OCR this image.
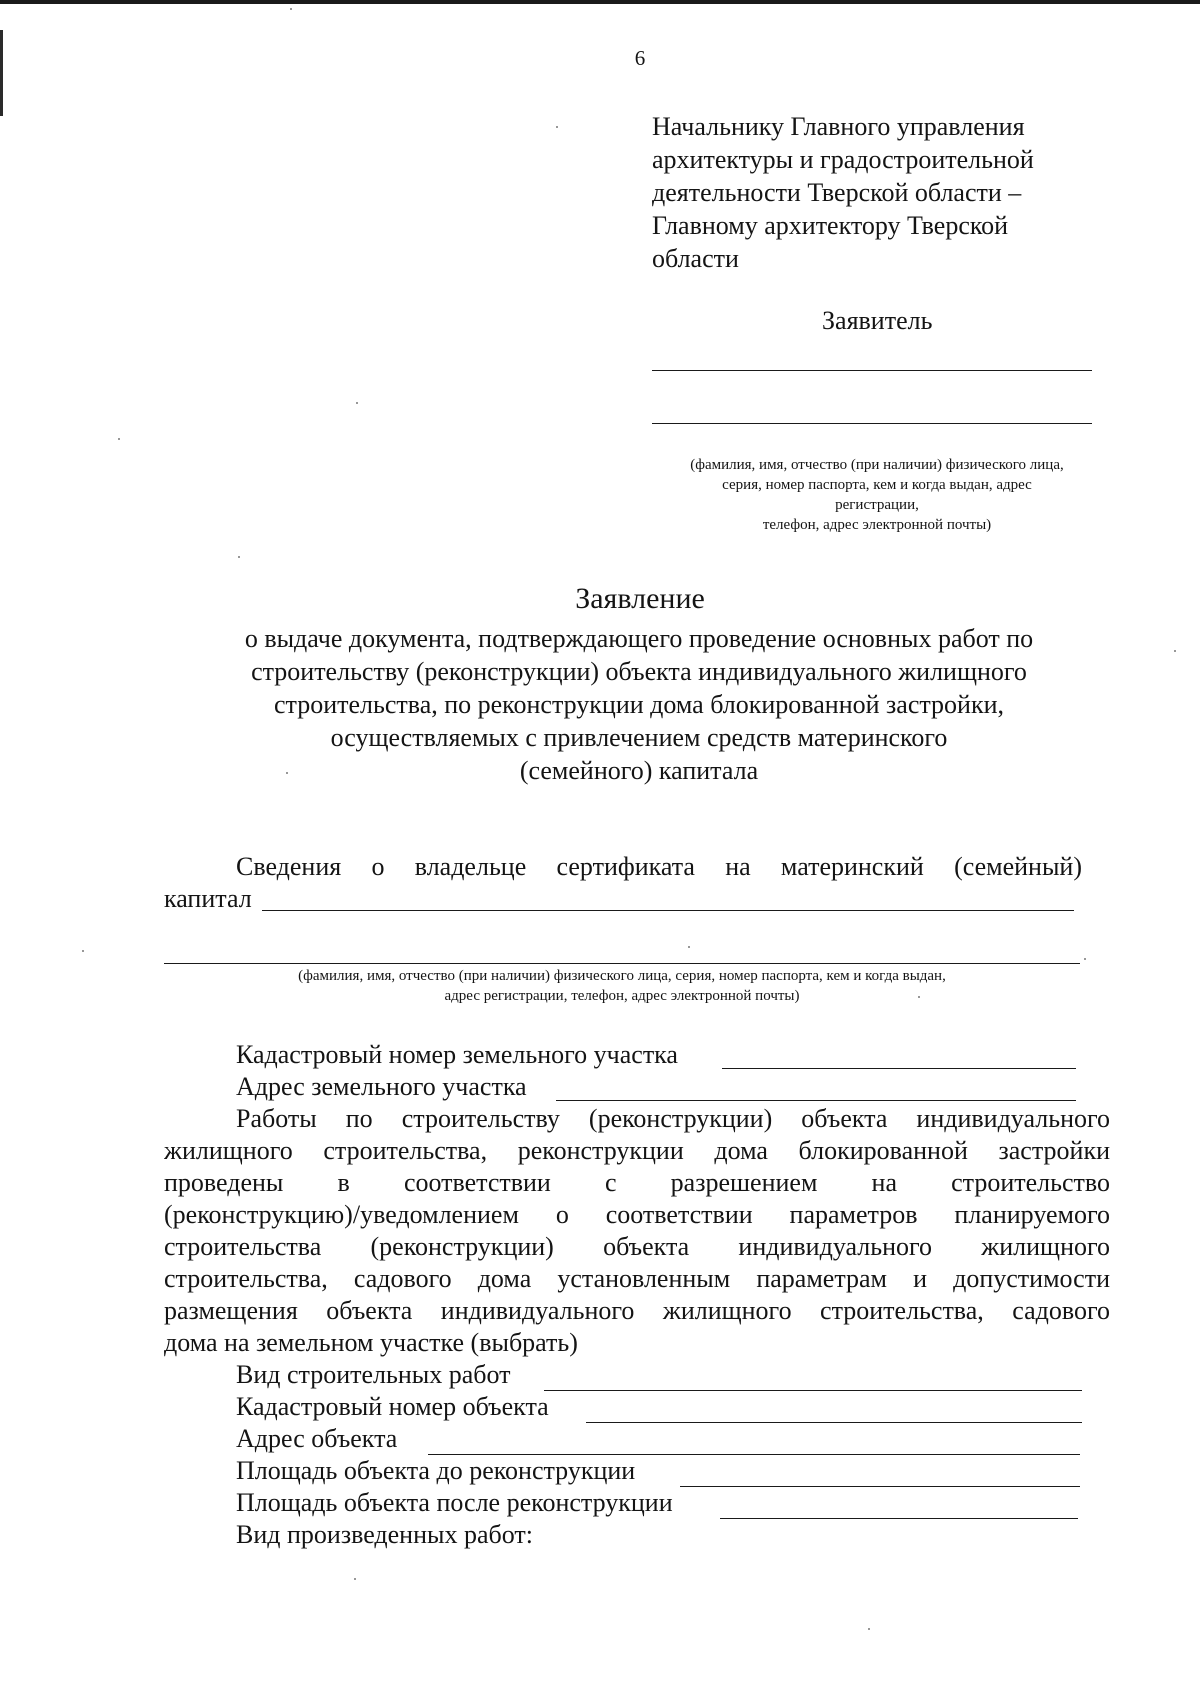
6
Начальнику Главного управления
архитектуры и градостроительной
деятельности Тверской области –
Главному архитектору Тверской
области
Заявитель
(фамилия, имя, отчество (при наличии) физического лица,
серия, номер паспорта, кем и когда выдан, адрес
регистрации,
телефон, адрес электронной почты)
Заявление
о выдаче документа, подтверждающего проведение основных работ по
строительству (реконструкции) объекта индивидуального жилищного
строительства, по реконструкции дома блокированной застройки,
осуществляемых с привлечением средств материнского
(семейного) капитала
Сведения о владельце сертификата на материнский (семейный)
капитал
(фамилия, имя, отчество (при наличии) физического лица, серия, номер паспорта, кем и когда выдан,
адрес регистрации, телефон, адрес электронной почты)
Кадастровый номер земельного участка
Адрес земельного участка
Работы по строительству (реконструкции) объекта индивидуального
жилищного строительства, реконструкции дома блокированной застройки
проведены в соответствии с разрешением на строительство
(реконструкцию)/уведомлением о соответствии параметров планируемого
строительства (реконструкции) объекта индивидуального жилищного
строительства, садового дома установленным параметрам и допустимости
размещения объекта индивидуального жилищного строительства, садового
дома на земельном участке (выбрать)
Вид строительных работ
Кадастровый номер объекта
Адрес объекта
Площадь объекта до реконструкции
Площадь объекта после реконструкции
Вид произведенных работ:
